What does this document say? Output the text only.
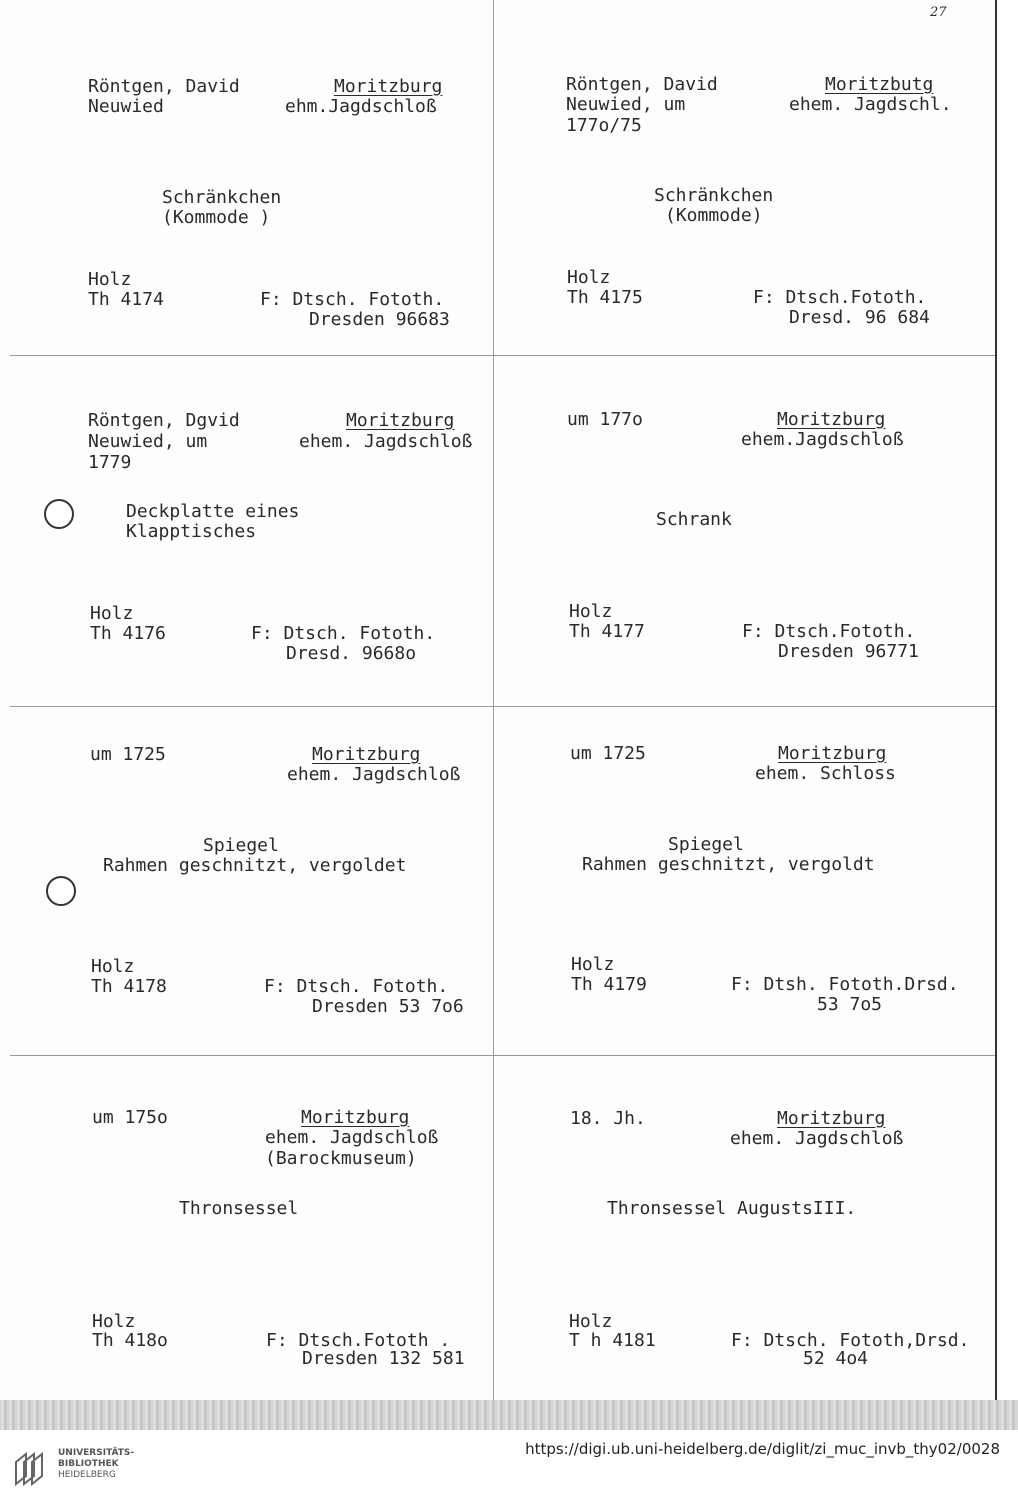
27

Röntgen, David

Neuwied

Moritzburg

ehm.Jagdschloß

Schränkchen

(Kommode )

Holz

Th 4174	F: Dtsch. Fototh.

Dresden 96683

Röntgen, David

Neuwied, um

177o/75

Moritzbutg

ehem. Jagdschl.

Schränkchen

(Kommode)

Holz

Th 4175	F: Dtsch.Fototh.

Dresd. 96 684

Röntgen, Dgvid

Neuwied, um

1779

Moritzburg

ehem. Jagdschloß

Deckplatte eines

Klapptisches

Holz

Th 4176	F: Dtsch. Fototh.

Dresd. 9668o

um 177o	Moritzburg

ehem.Jagdschloß

Schrank

Holz

Th 4177	F: Dtsch.Fototh.

Dresden 96771

um 1725	Moritzburg

ehem. Jagdschloß

Spiegel

Rahmen geschnitzt, vergoldet

Holz

Th 4178	F: Dtsch. Fototh.

Dresden 53 7o6

um 1725	Moritzburg

ehem. Schloss

Spiegel

Rahmen geschnitzt, vergoldt

Holz

Th 4179	F: Dtsh. Fototh.Drsd.

53 7o5

um 175o	Moritzburg

ehem. Jagdschloß

(Barockmuseum)

Thronsessel

Holz

Th 418o	F: Dtsch.Fototh .

Dresden 132 581

18. Jh.	Moritzburg

ehem. Jagdschloß

Thronsessel AugustsIII.

Holz

T h 4181	F: Dtsch. Fototh,Drsd.

52 4o4

UNIVERSITÄTS-
BIBLIOTHEK
HEIDELBERG
https://digi.ub.uni-heidelberg.de/diglit/zi_muc_invb_thy02/0028
